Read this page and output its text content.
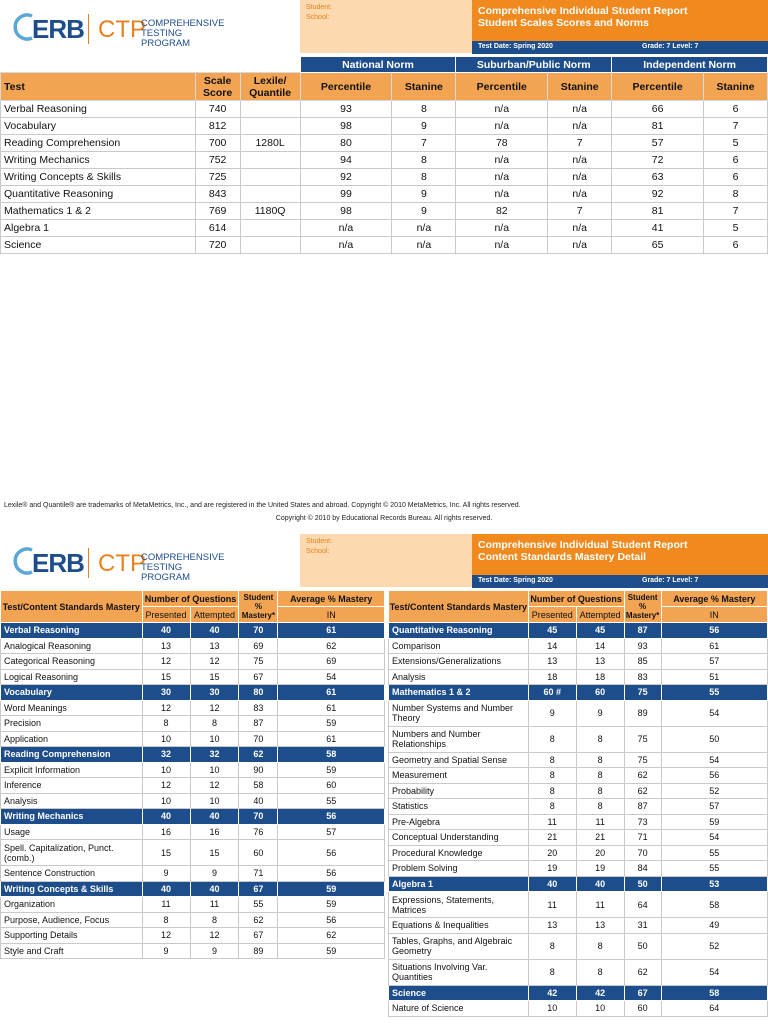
ERB CTP
COMPREHENSIVE
TESTING PROGRAM
Student:
School:
Comprehensive Individual Student Report
Student Scales Scores and Norms
Test Date: Spring 2020	Grade: 7 Level: 7
			National Norm		Suburban/Public Norm		Independent Norm	
Test	Scale Score	Lexile/ Quantile	Percentile	Stanine	Percentile	Stanine	Percentile	Stanine
Verbal Reasoning	740		93	8	n/a	n/a	66	6
Vocabulary	812		98	9	n/a	n/a	81	7
Reading Comprehension	700	1280L	80	7	78	7	57	5
Writing Mechanics	752		94	8	n/a	n/a	72	6
Writing Concepts & Skills	725		92	8	n/a	n/a	63	6
Quantitative Reasoning	843		99	9	n/a	n/a	92	8
Mathematics 1 & 2	769	1180Q	98	9	82	7	81	7
Algebra 1	614		n/a	n/a	n/a	n/a	41	5
Science	720		n/a	n/a	n/a	n/a	65	6
Lexile® and Quantile® are trademarks of MetaMetrics, Inc., and are registered in the United States and abroad. Copyright © 2010 MetaMetrics, Inc. All rights reserved.
Copyright © 2010 by Educational Records Bureau. All rights reserved.
ERB CTP
COMPREHENSIVE
TESTING PROGRAM
Student:
School:
Comprehensive Individual Student Report
Content Standards Mastery Detail
Test Date: Spring 2020	Grade: 7 Level: 7
Test/Content Standards Mastery	Number of Questions		Student % Mastery*	Average % Mastery
	Presented	Attempted		IN
Verbal Reasoning	40	40	70	61
Analogical Reasoning	13	13	69	62
Categorical Reasoning	12	12	75	69
Logical Reasoning	15	15	67	54
Vocabulary	30	30	80	61
Word Meanings	12	12	83	61
Precision	8	8	87	59
Application	10	10	70	61
Reading Comprehension	32	32	62	58
Explicit Information	10	10	90	59
Inference	12	12	58	60
Analysis	10	10	40	55
Writing Mechanics	40	40	70	56
Usage	16	16	76	57
Spell. Capitalization, Punct. (comb.)	15	15	60	56
Sentence Construction	9	9	71	56
Writing Concepts & Skills	40	40	67	59
Organization	11	11	55	59
Purpose, Audience, Focus	8	8	62	56
Supporting Details	12	12	67	62
Style and Craft	9	9	89	59
Test/Content Standards Mastery	Number of Questions		Student % Mastery*	Average % Mastery
	Presented	Attempted		IN
Quantitative Reasoning	45	45	87	56
Comparison	14	14	93	61
Extensions/Generalizations	13	13	85	57
Analysis	18	18	83	51
Mathematics 1 & 2	60 #	60	75	55
Number Systems and Number Theory	9	9	89	54
Numbers and Number Relationships	8	8	75	50
Geometry and Spatial Sense	8	8	75	54
Measurement	8	8	62	56
Probability	8	8	62	52
Statistics	8	8	87	57
Pre-Algebra	11	11	73	59
Conceptual Understanding	21	21	71	54
Procedural Knowledge	20	20	70	55
Problem Solving	19	19	84	55
Algebra 1	40	40	50	53
Expressions, Statements, Matrices	11	11	64	58
Equations & Inequalities	13	13	31	49
Tables, Graphs, and Algebraic Geometry	8	8	50	52
Situations Involving Var. Quantities	8	8	62	54
Science	42	42	67	58
Nature of Science	10	10	60	64
